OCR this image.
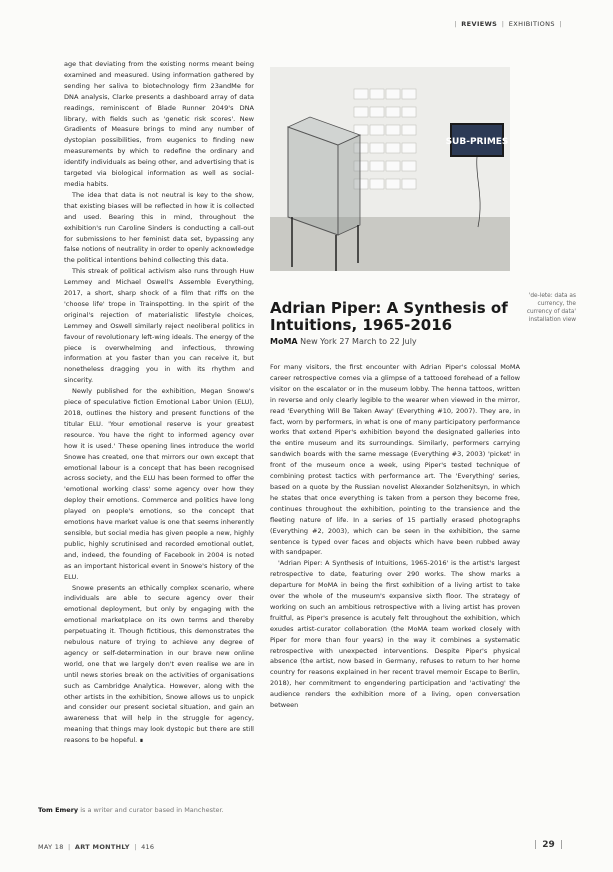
| REVIEWS | EXHIBITIONS |

age that deviating from the existing norms meant being examined and measured. Using information gathered by sending her saliva to biotechnology firm 23andMe for DNA analysis, Clarke presents a dashboard array of data readings, reminiscent of Blade Runner 2049's DNA library, with fields such as 'genetic risk scores'. New Gradients of Measure brings to mind any number of dystopian possibilities, from eugenics to finding new measurements by which to redefine the ordinary and identify individuals as being other, and advertising that is targeted via biological information as well as social-media habits.

The idea that data is not neutral is key to the show, that existing biases will be reflected in how it is collected and used. Bearing this in mind, throughout the exhibition's run Caroline Sinders is conducting a call-out for submissions to her feminist data set, bypassing any false notions of neutrality in order to openly acknowledge the political intentions behind collecting this data.

This streak of political activism also runs through Huw Lemmey and Michael Oswell's Assemble Everything, 2017, a short, sharp shock of a film that riffs on the 'choose life' trope in Trainspotting. In the spirit of the original's rejection of materialistic lifestyle choices, Lemmey and Oswell similarly reject neoliberal politics in favour of revolutionary left-wing ideals. The energy of the piece is overwhelming and infectious, throwing information at you faster than you can receive it, but nonetheless dragging you in with its rhythm and sincerity.

Newly published for the exhibition, Megan Snowe's piece of speculative fiction Emotional Labor Union (ELU), 2018, outlines the history and present functions of the titular ELU. 'Your emotional reserve is your greatest resource. You have the right to informed agency over how it is used.' These opening lines introduce the world Snowe has created, one that mirrors our own except that emotional labour is a concept that has been recognised across society, and the ELU has been formed to offer the 'emotional working class' some agency over how they deploy their emotions. Commerce and politics have long played on people's emotions, so the concept that emotions have market value is one that seems inherently sensible, but social media has given people a new, highly public, highly scrutinised and recorded emotional outlet, and, indeed, the founding of Facebook in 2004 is noted as an important historical event in Snowe's history of the ELU.

Snowe presents an ethically complex scenario, where individuals are able to secure agency over their emotional deployment, but only by engaging with the emotional marketplace on its own terms and thereby perpetuating it. Though fictitious, this demonstrates the nebulous nature of trying to achieve any degree of agency or self-determination in our brave new online world, one that we largely don't even realise we are in until news stories break on the activities of organisations such as Cambridge Analytica. However, along with the other artists in the exhibition, Snowe allows us to unpick and consider our present societal situation, and gain an awareness that will help in the struggle for agency, meaning that things may look dystopic but there are still reasons to be hopeful. ∎

Tom Emery is a writer and curator based in Manchester.
SUB-PRIMES
'de-lete: data as currency, the currency of data' installation view
Adrian Piper: A Synthesis of Intuitions, 1965-2016
MoMA New York 27 March to 22 July

For many visitors, the first encounter with Adrian Piper's colossal MoMA career retrospective comes via a glimpse of a tattooed forehead of a fellow visitor on the escalator or in the museum lobby. The henna tattoos, written in reverse and only clearly legible to the wearer when viewed in the mirror, read 'Everything Will Be Taken Away' (Everything #10, 2007). They are, in fact, worn by performers, in what is one of many participatory performance works that extend Piper's exhibition beyond the designated galleries into the entire museum and its surroundings. Similarly, performers carrying sandwich boards with the same message (Everything #3, 2003) 'picket' in front of the museum once a week, using Piper's tested technique of combining protest tactics with performance art. The 'Everything' series, based on a quote by the Russian novelist Alexander Solzhenitsyn, in which he states that once everything is taken from a person they become free, continues throughout the exhibition, pointing to the transience and the fleeting nature of life. In a series of 15 partially erased photographs (Everything #2, 2003), which can be seen in the exhibition, the same sentence is typed over faces and objects which have been rubbed away with sandpaper.

'Adrian Piper: A Synthesis of Intuitions, 1965-2016' is the artist's largest retrospective to date, featuring over 290 works. The show marks a departure for MoMA in being the first exhibition of a living artist to take over the whole of the museum's expansive sixth floor. The strategy of working on such an ambitious retrospective with a living artist has proven fruitful, as Piper's presence is acutely felt throughout the exhibition, which exudes artist-curator collaboration (the MoMA team worked closely with Piper for more than four years) in the way it combines a systematic retrospective with unexpected interventions. Despite Piper's physical absence (the artist, now based in Germany, refuses to return to her home country for reasons explained in her recent travel memoir Escape to Berlin, 2018), her commitment to engendering participation and 'activating' the audience renders the exhibition more of a living, open conversation between

MAY 18 | ART MONTHLY | 416	| 29 |
